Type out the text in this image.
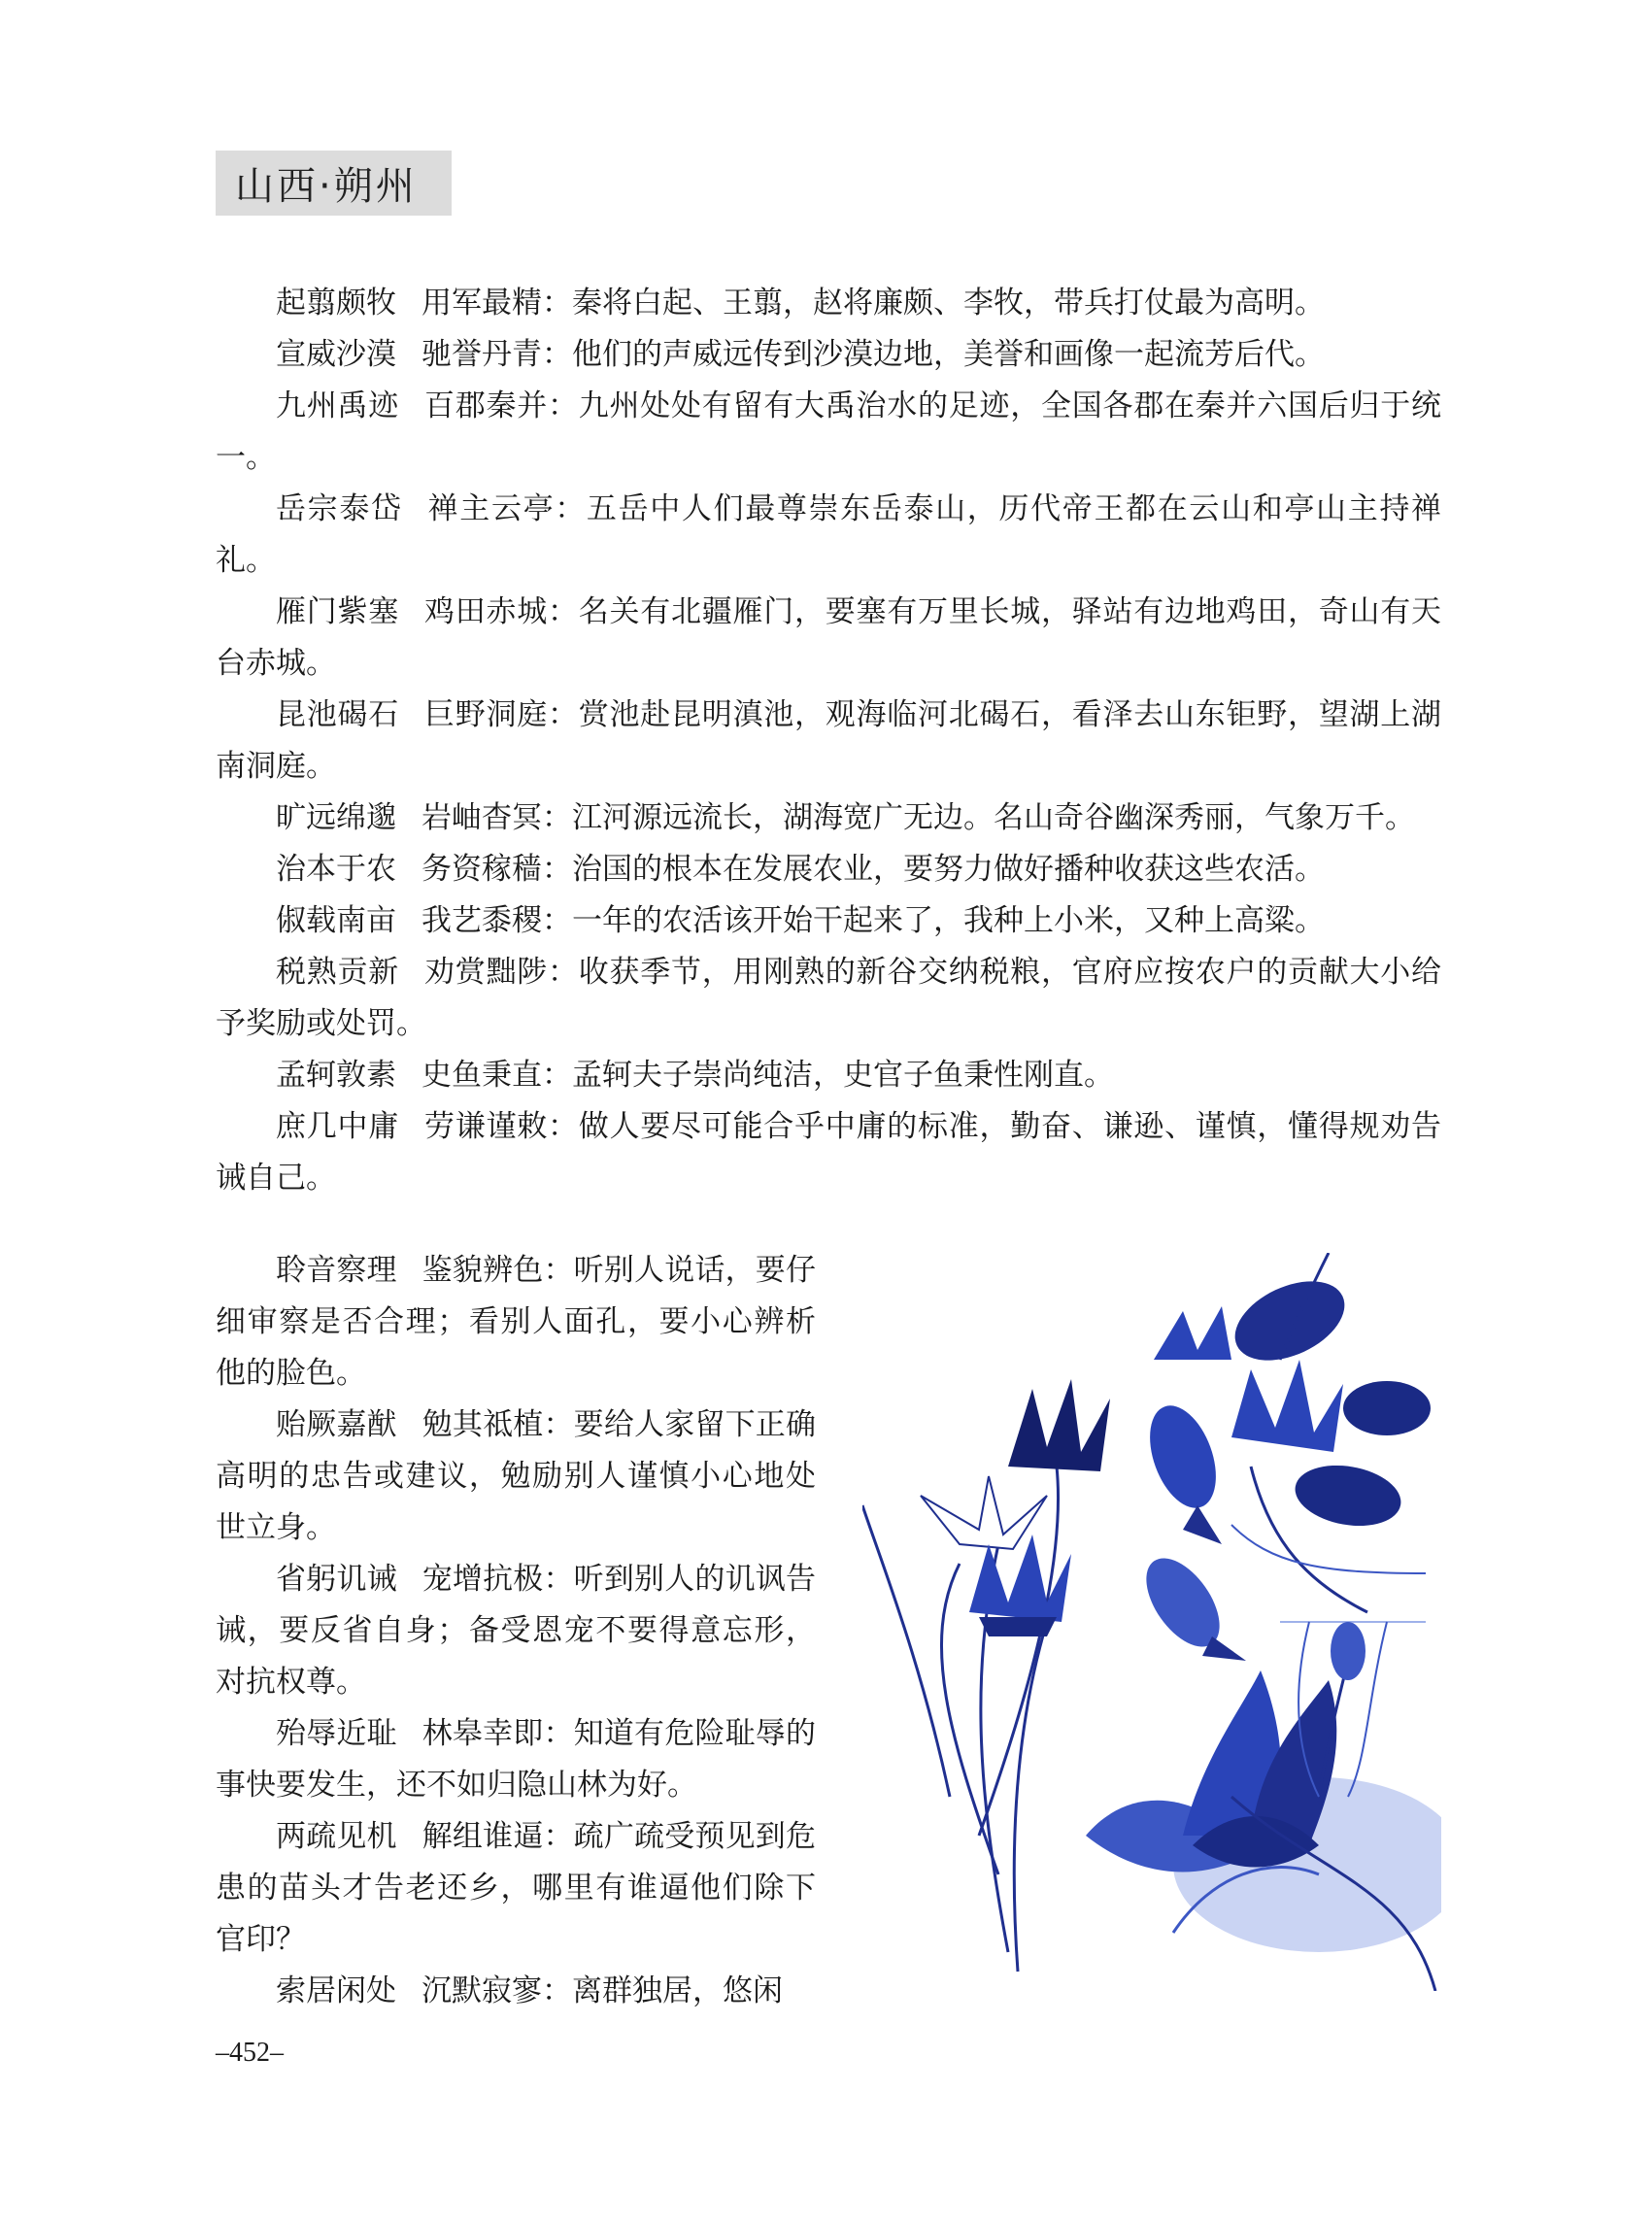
山西·朔州

起翦颇牧 用军最精：秦将白起、王翦，赵将廉颇、李牧，带兵打仗最为高明。

宣威沙漠 驰誉丹青：他们的声威远传到沙漠边地，美誉和画像一起流芳后代。

九州禹迹 百郡秦并：九州处处有留有大禹治水的足迹，全国各郡在秦并六国后归于统一。

岳宗泰岱 禅主云亭：五岳中人们最尊崇东岳泰山，历代帝王都在云山和亭山主持禅礼。

雁门紫塞 鸡田赤城：名关有北疆雁门，要塞有万里长城，驿站有边地鸡田，奇山有天台赤城。

昆池碣石 巨野洞庭：赏池赴昆明滇池，观海临河北碣石，看泽去山东钜野，望湖上湖南洞庭。

旷远绵邈 岩岫杳冥：江河源远流长，湖海宽广无边。名山奇谷幽深秀丽，气象万千。

治本于农 务资稼穑：治国的根本在发展农业，要努力做好播种收获这些农活。

俶载南亩 我艺黍稷：一年的农活该开始干起来了，我种上小米，又种上高粱。

税熟贡新 劝赏黜陟：收获季节，用刚熟的新谷交纳税粮，官府应按农户的贡献大小给予奖励或处罚。

孟轲敦素 史鱼秉直：孟轲夫子崇尚纯洁，史官子鱼秉性刚直。

庶几中庸 劳谦谨敕：做人要尽可能合乎中庸的标准，勤奋、谦逊、谨慎，懂得规劝告诫自己。

聆音察理 鉴貌辨色：听别人说话，要仔细审察是否合理；看别人面孔，要小心辨析他的脸色。

贻厥嘉猷 勉其祗植：要给人家留下正确高明的忠告或建议，勉励别人谨慎小心地处世立身。

省躬讥诫 宠增抗极：听到别人的讥讽告诫，要反省自身；备受恩宠不要得意忘形，对抗权尊。

殆辱近耻 林皋幸即：知道有危险耻辱的事快要发生，还不如归隐山林为好。

两疏见机 解组谁逼：疏广疏受预见到危患的苗头才告老还乡，哪里有谁逼他们除下官印？

索居闲处 沉默寂寥：离群独居，悠闲

–452–
